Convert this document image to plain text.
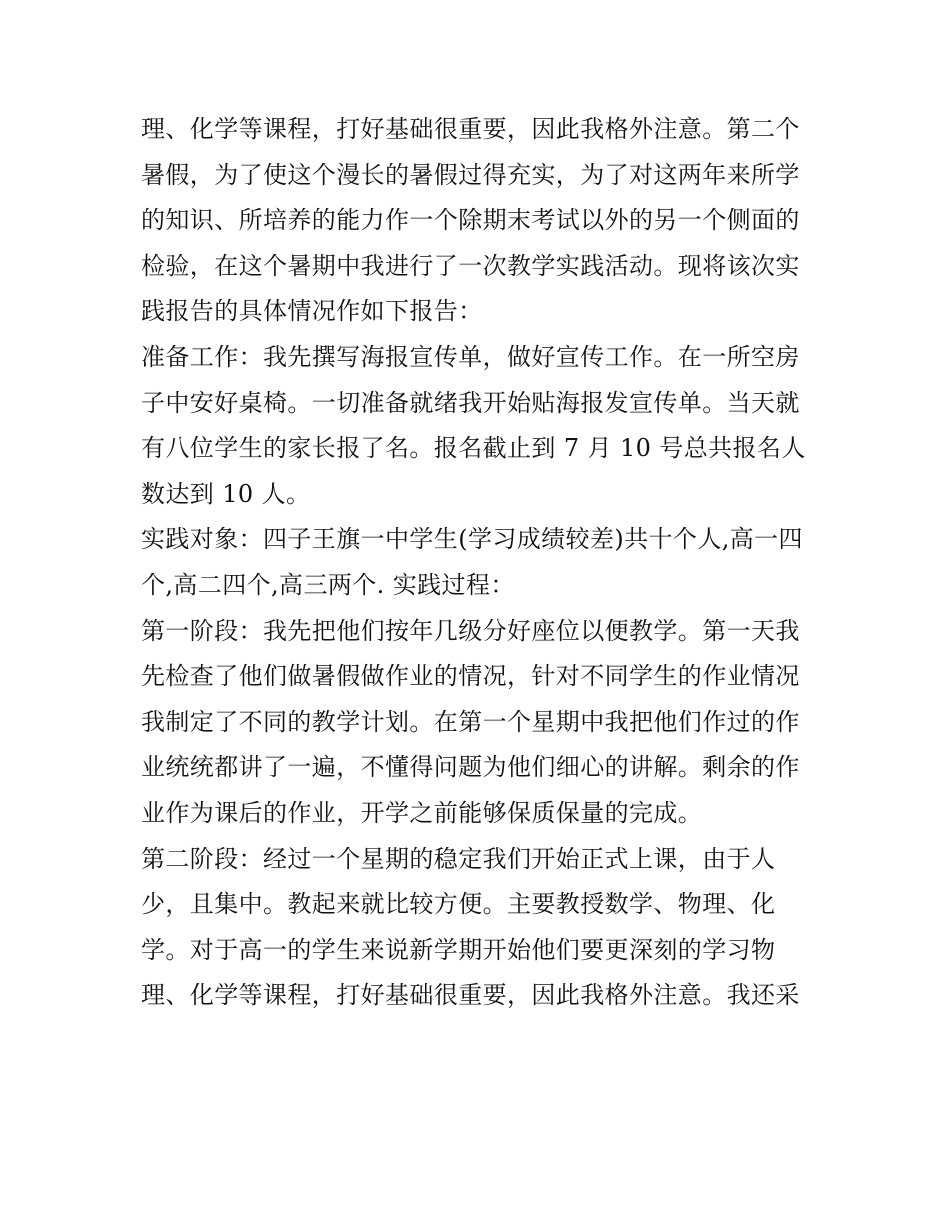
理、化学等课程，打好基础很重要，因此我格外注意。第二个
暑假，为了使这个漫长的暑假过得充实，为了对这两年来所学
的知识、所培养的能力作一个除期末考试以外的另一个侧面的
检验，在这个暑期中我进行了一次教学实践活动。现将该次实
践报告的具体情况作如下报告：
准备工作：我先撰写海报宣传单，做好宣传工作。在一所空房
子中安好桌椅。一切准备就绪我开始贴海报发宣传单。当天就
有八位学生的家长报了名。报名截止到 7 月 10 号总共报名人
数达到 10 人。
实践对象：四子王旗一中学生(学习成绩较差)共十个人,高一四
个,高二四个,高三两个. 实践过程：
第一阶段：我先把他们按年几级分好座位以便教学。第一天我
先检查了他们做暑假做作业的情况，针对不同学生的作业情况
我制定了不同的教学计划。在第一个星期中我把他们作过的作
业统统都讲了一遍，不懂得问题为他们细心的讲解。剩余的作
业作为课后的作业，开学之前能够保质保量的完成。
第二阶段：经过一个星期的稳定我们开始正式上课，由于人
少，且集中。教起来就比较方便。主要教授数学、物理、化
学。对于高一的学生来说新学期开始他们要更深刻的学习物
理、化学等课程，打好基础很重要，因此我格外注意。我还采
